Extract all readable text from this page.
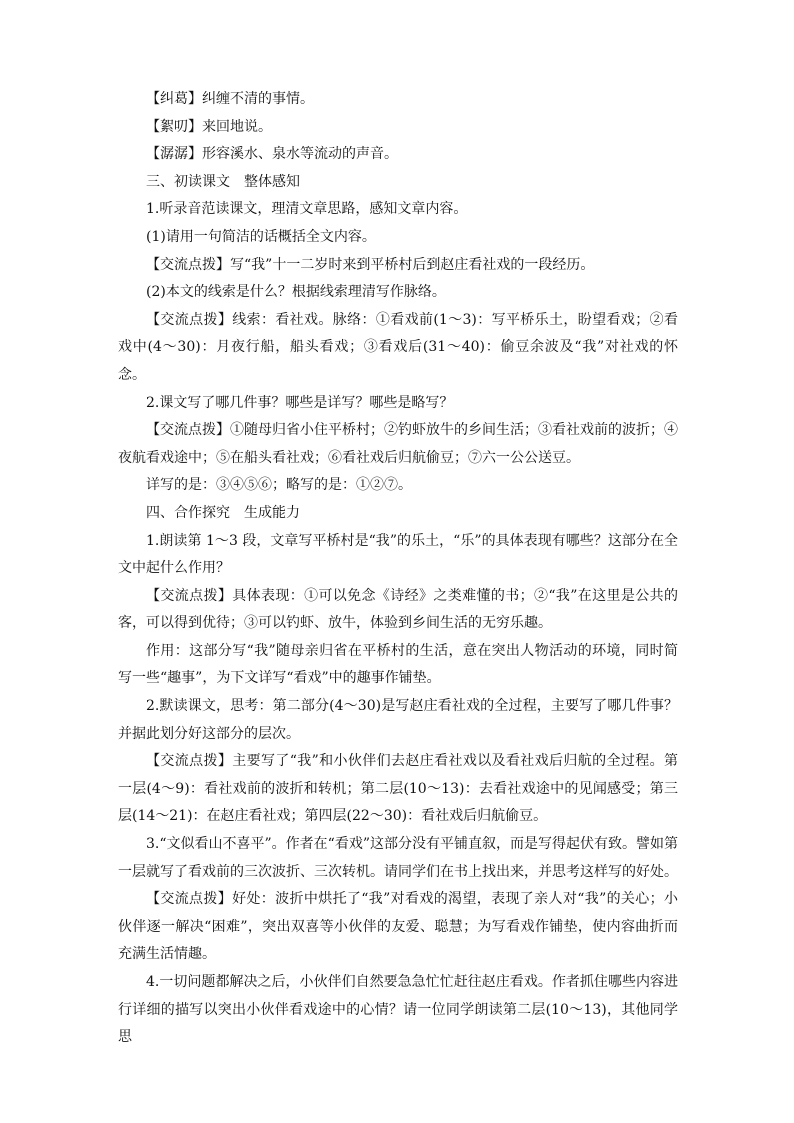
【纠葛】纠缠不清的事情。

【絮叨】来回地说。

【潺潺】形容溪水、泉水等流动的声音。

三、初读课文　整体感知

1.听录音范读课文，理清文章思路，感知文章内容。

(1)请用一句简洁的话概括全文内容。

【交流点拨】写“我”十一二岁时来到平桥村后到赵庄看社戏的一段经历。

(2)本文的线索是什么？根据线索理清写作脉络。

【交流点拨】线索：看社戏。脉络：①看戏前(1～3)：写平桥乐土，盼望看戏；②看戏中(4～30)：月夜行船，船头看戏；③看戏后(31～40)：偷豆余波及“我”对社戏的怀念。

2.课文写了哪几件事？哪些是详写？哪些是略写？

【交流点拨】①随母归省小住平桥村；②钓虾放牛的乡间生活；③看社戏前的波折；④夜航看戏途中；⑤在船头看社戏；⑥看社戏后归航偷豆；⑦六一公公送豆。

详写的是：③④⑤⑥；略写的是：①②⑦。

四、合作探究　生成能力

1.朗读第 1～3 段，文章写平桥村是“我”的乐土，“乐”的具体表现有哪些？这部分在全文中起什么作用？

【交流点拨】具体表现：①可以免念《诗经》之类难懂的书；②“我”在这里是公共的客，可以得到优待；③可以钓虾、放牛，体验到乡间生活的无穷乐趣。

作用：这部分写“我”随母亲归省在平桥村的生活，意在突出人物活动的环境，同时简写一些“趣事”，为下文详写“看戏”中的趣事作铺垫。

2.默读课文，思考：第二部分(4～30)是写赵庄看社戏的全过程，主要写了哪几件事？并据此划分好这部分的层次。

【交流点拨】主要写了“我”和小伙伴们去赵庄看社戏以及看社戏后归航的全过程。第一层(4～9)：看社戏前的波折和转机；第二层(10～13)：去看社戏途中的见闻感受；第三层(14～21)：在赵庄看社戏；第四层(22～30)：看社戏后归航偷豆。

3.“文似看山不喜平”。作者在“看戏”这部分没有平铺直叙，而是写得起伏有致。譬如第一层就写了看戏前的三次波折、三次转机。请同学们在书上找出来，并思考这样写的好处。

【交流点拨】好处：波折中烘托了“我”对看戏的渴望，表现了亲人对“我”的关心；小伙伴逐一解决“困难”，突出双喜等小伙伴的友爱、聪慧；为写看戏作铺垫，使内容曲折而充满生活情趣。

4.一切问题都解决之后，小伙伴们自然要急急忙忙赶往赵庄看戏。作者抓住哪些内容进行详细的描写以突出小伙伴看戏途中的心情？请一位同学朗读第二层(10～13)，其他同学思
